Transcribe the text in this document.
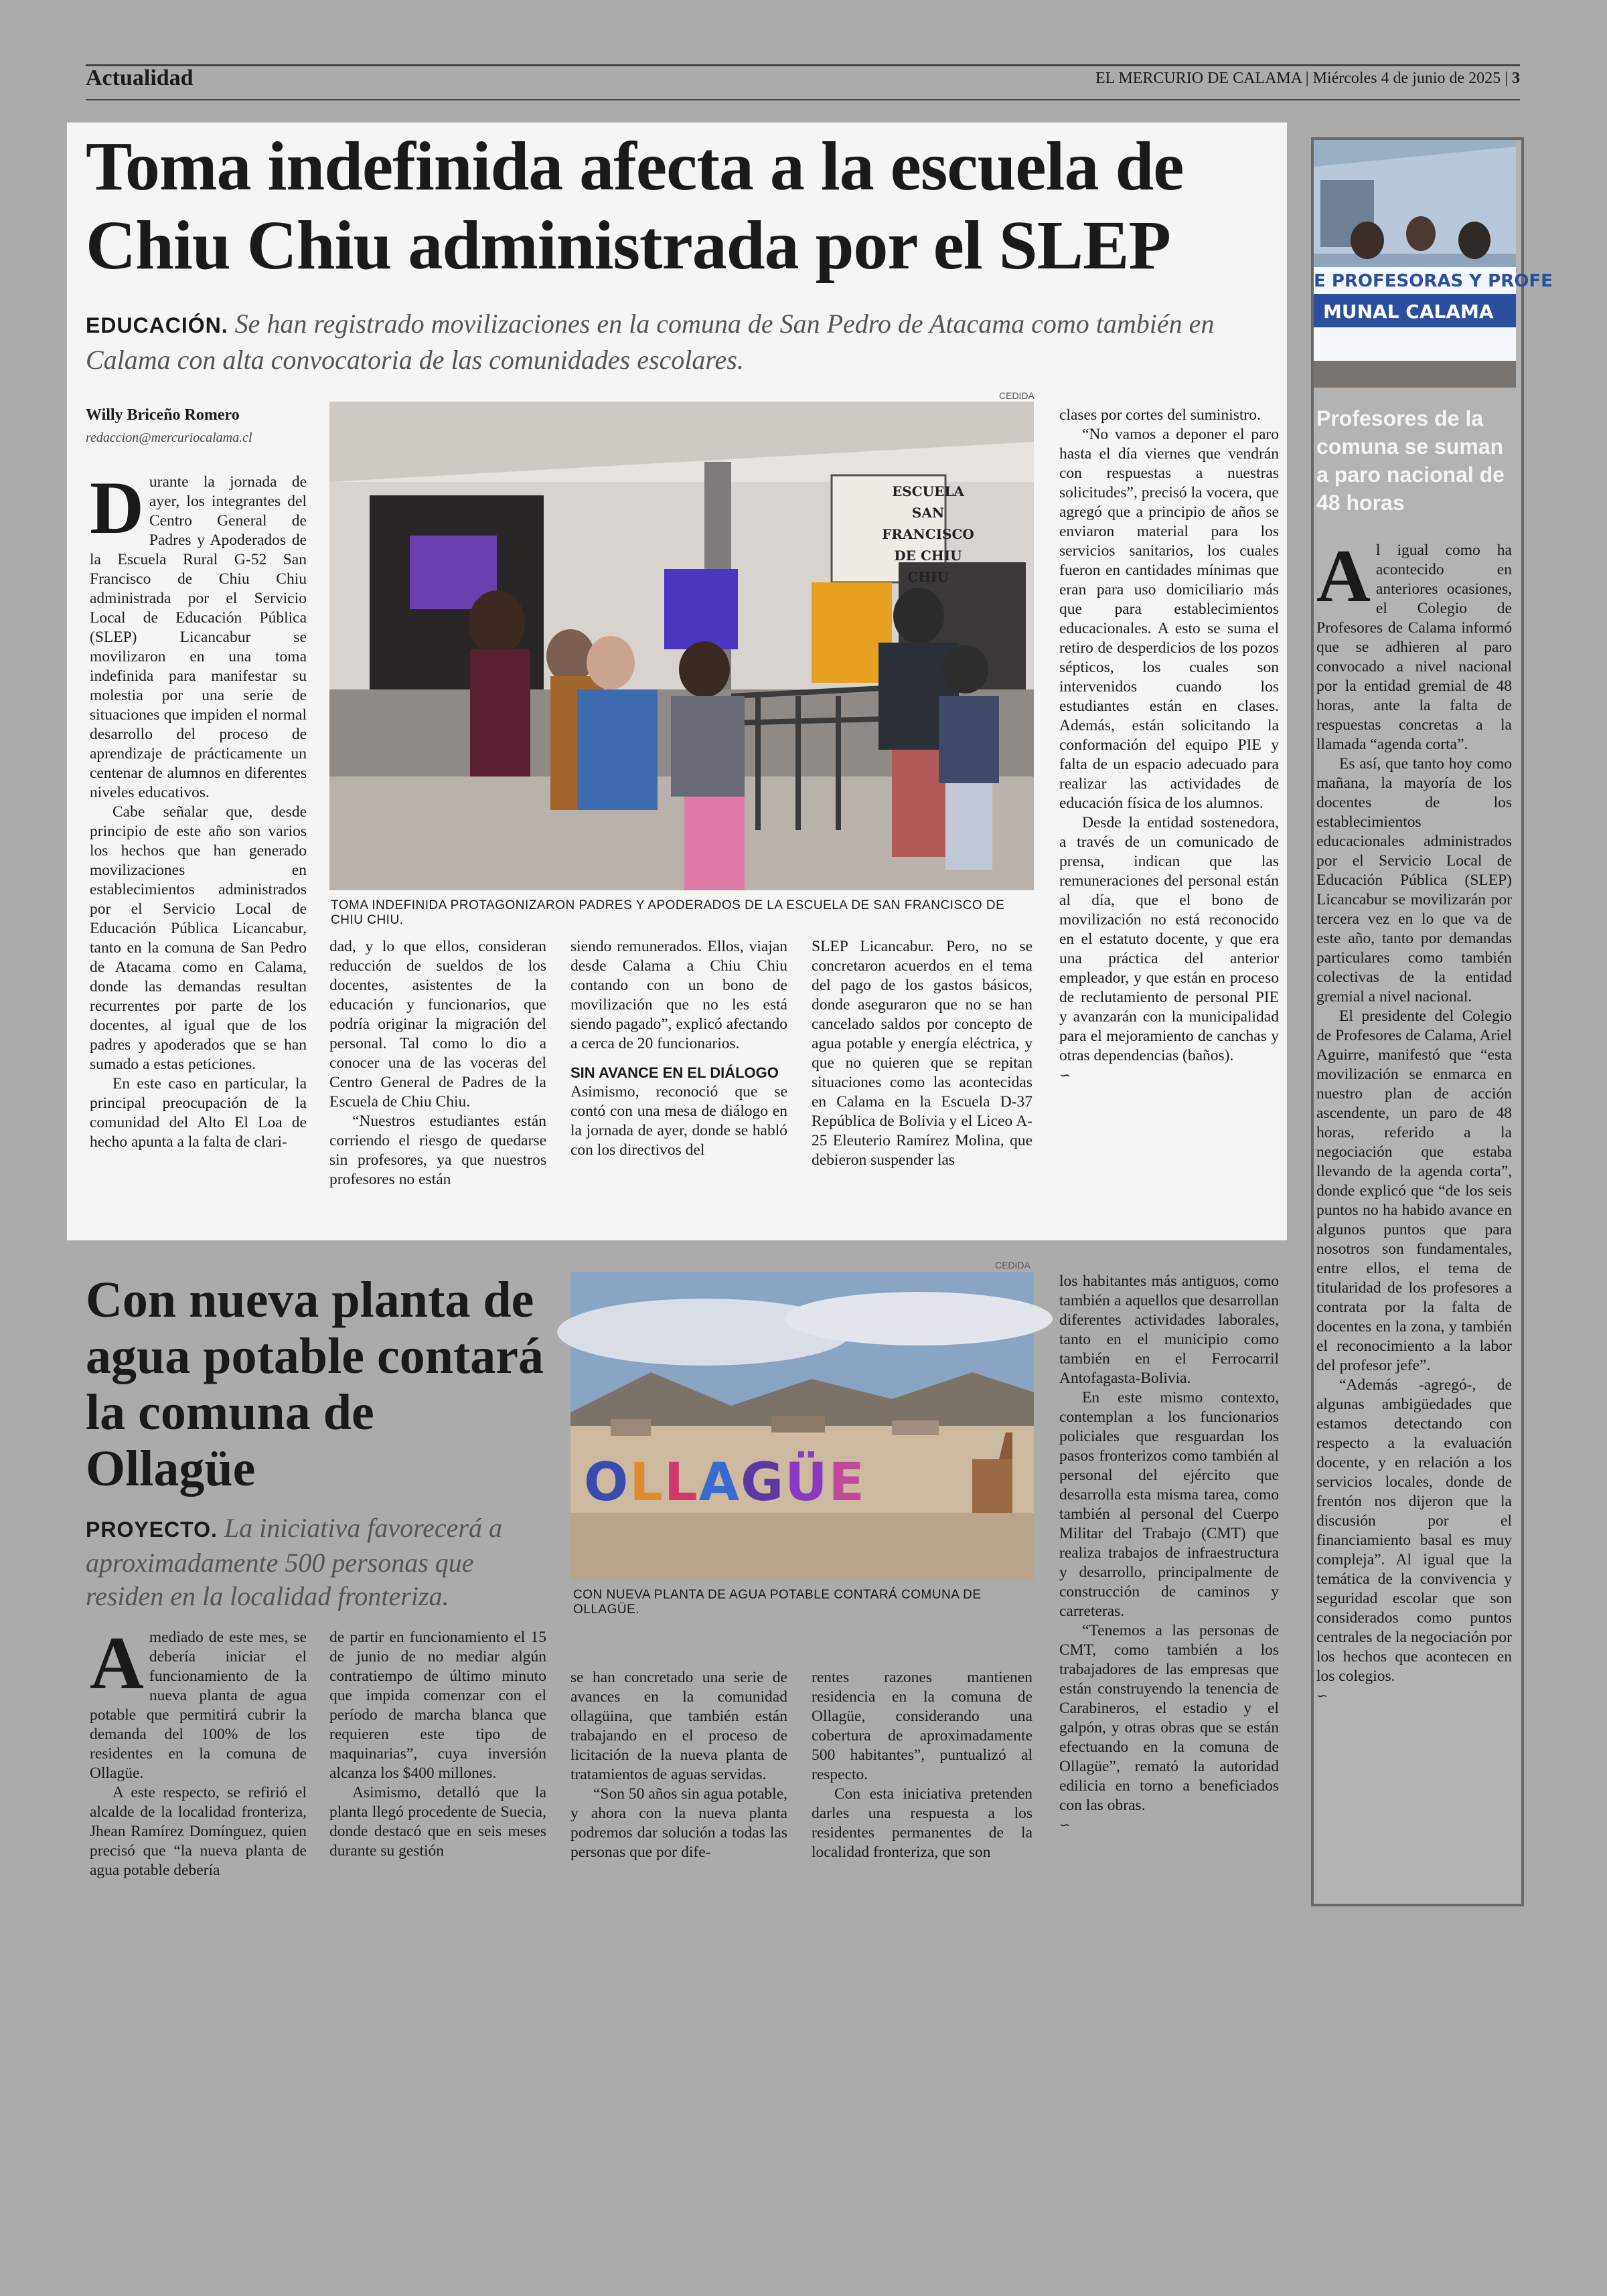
Actualidad	EL MERCURIO DE CALAMA | Miércoles 4 de junio de 2025 | 3
Toma indefinida afecta a la escuela de Chiu Chiu administrada por el SLEP
EDUCACIÓN. Se han registrado movilizaciones en la comuna de San Pedro de Atacama como también en Calama con alta convocatoria de las comunidades escolares.
Willy Briceño Romero
redaccion@mercuriocalama.cl
CEDIDA
ESCUELA SAN FRANCISCO DE CHIU CHIU
TOMA INDEFINIDA PROTAGONIZARON PADRES Y APODERADOS DE LA ESCUELA DE SAN FRANCISCO DE CHIU CHIU.
D urante la jornada de ayer, los integrantes del Centro General de Padres y Apoderados de la Escuela Rural G-52 San Francisco de Chiu Chiu administrada por el Servicio Local de Educación Pública (SLEP) Licancabur se movilizaron en una toma indefinida para manifestar su molestia por una serie de situaciones que impiden el normal desarrollo del proceso de aprendizaje de prácticamente un centenar de alumnos en diferentes niveles educativos.

Cabe señalar que, desde principio de este año son varios los hechos que han generado movilizaciones en establecimientos administrados por el Servicio Local de Educación Pública Licancabur, tanto en la comuna de San Pedro de Atacama como en Calama, donde las demandas resultan recurrentes por parte de los docentes, al igual que de los padres y apoderados que se han sumado a estas peticiones.

En este caso en particular, la principal preocupación de la comunidad del Alto El Loa de hecho apunta a la falta de clari-

dad, y lo que ellos, consideran reducción de sueldos de los docentes, asistentes de la educación y funcionarios, que podría originar la migración del personal. Tal como lo dio a conocer una de las voceras del Centro General de Padres de la Escuela de Chiu Chiu.

“Nuestros estudiantes están corriendo el riesgo de quedarse sin profesores, ya que nuestros profesores no están

siendo remunerados. Ellos, viajan desde Calama a Chiu Chiu contando con un bono de movilización que no les está siendo pagado”, explicó afectando a cerca de 20 funcionarios.

SIN AVANCE EN EL DIÁLOGO

Asimismo, reconoció que se contó con una mesa de diálogo en la jornada de ayer, donde se habló con los directivos del

SLEP Licancabur. Pero, no se concretaron acuerdos en el tema del pago de los gastos básicos, donde aseguraron que no se han cancelado saldos por concepto de agua potable y energía eléctrica, y que no quieren que se repitan situaciones como las acontecidas en Calama en la Escuela D-37 República de Bolivia y el Liceo A-25 Eleuterio Ramírez Molina, que debieron suspender las

clases por cortes del suministro.

“No vamos a deponer el paro hasta el día viernes que vendrán con respuestas a nuestras solicitudes”, precisó la vocera, que agregó que a principio de años se enviaron material para los servicios sanitarios, los cuales fueron en cantidades mínimas que eran para uso domiciliario más que para establecimientos educacionales. A esto se suma el retiro de desperdicios de los pozos sépticos, los cuales son intervenidos cuando los estudiantes están en clases. Además, están solicitando la conformación del equipo PIE y falta de un espacio adecuado para realizar las actividades de educación física de los alumnos.

Desde la entidad sostenedora, a través de un comunicado de prensa, indican que las remuneraciones del personal están al día, que el bono de movilización no está reconocido en el estatuto docente, y que era una práctica del anterior empleador, y que están en proceso de reclutamiento de personal PIE y avanzarán con la municipalidad para el mejoramiento de canchas y otras dependencias (baños).

∽
Con nueva planta de agua potable contará la comuna de Ollagüe
PROYECTO. La iniciativa favorecerá a aproximadamente 500 personas que residen en la localidad fronteriza.
CEDIDA
OLLAGÜE
CON NUEVA PLANTA DE AGUA POTABLE CONTARÁ COMUNA DE OLLAGÜE.
A mediado de este mes, se debería iniciar el funcionamiento de la nueva planta de agua potable que permitirá cubrir la demanda del 100% de los residentes en la comuna de Ollagüe.

A este respecto, se refirió el alcalde de la localidad fronteriza, Jhean Ramírez Domínguez, quien precisó que “la nueva planta de agua potable debería

de partir en funcionamiento el 15 de junio de no mediar algún contratiempo de último minuto que impida comenzar con el período de marcha blanca que requieren este tipo de maquinarias”, cuya inversión alcanza los $400 millones.

Asimismo, detalló que la planta llegó procedente de Suecia, donde destacó que en seis meses durante su gestión

se han concretado una serie de avances en la comunidad ollagüina, que también están trabajando en el proceso de licitación de la nueva planta de tratamientos de aguas servidas.

“Son 50 años sin agua potable, y ahora con la nueva planta podremos dar solución a todas las personas que por dife-

rentes razones mantienen residencia en la comuna de Ollagüe, considerando una cobertura de aproximadamente 500 habitantes”, puntualizó al respecto.

Con esta iniciativa pretenden darles una respuesta a los residentes permanentes de la localidad fronteriza, que son

los habitantes más antiguos, como también a aquellos que desarrollan diferentes actividades laborales, tanto en el municipio como también en el Ferrocarril Antofagasta-Bolivia.

En este mismo contexto, contemplan a los funcionarios policiales que resguardan los pasos fronterizos como también al personal del ejército que desarrolla esta misma tarea, como también al personal del Cuerpo Militar del Trabajo (CMT) que realiza trabajos de infraestructura y desarrollo, principalmente de construcción de caminos y carreteras.

“Tenemos a las personas de CMT, como también a los trabajadores de las empresas que están construyendo la tenencia de Carabineros, el estadio y el galpón, y otras obras que se están efectuando en la comuna de Ollagüe”, remató la autoridad edilicia en torno a beneficiados con las obras.

∽
E PROFESORAS Y PROFE
MUNAL CALAMA
Profesores de la comuna se suman a paro nacional de 48 horas
A l igual como ha acontecido en anteriores ocasiones, el Colegio de Profesores de Calama informó que se adhieren al paro convocado a nivel nacional por la entidad gremial de 48 horas, ante la falta de respuestas concretas a la llamada “agenda corta”.

Es así, que tanto hoy como mañana, la mayoría de los docentes de los establecimientos educacionales administrados por el Servicio Local de Educación Pública (SLEP) Licancabur se movilizarán por tercera vez en lo que va de este año, tanto por demandas particulares como también colectivas de la entidad gremial a nivel nacional.

El presidente del Colegio de Profesores de Calama, Ariel Aguirre, manifestó que “esta movilización se enmarca en nuestro plan de acción ascendente, un paro de 48 horas, referido a la negociación que estaba llevando de la agenda corta”, donde explicó que “de los seis puntos no ha habido avance en algunos puntos que para nosotros son fundamentales, entre ellos, el tema de titularidad de los profesores a contrata por la falta de docentes en la zona, y también el reconocimiento a la labor del profesor jefe”.

“Además -agregó-, de algunas ambigüedades que estamos detectando con respecto a la evaluación docente, y en relación a los servicios locales, donde de frentón nos dijeron que la discusión por el financiamiento basal es muy compleja”. Al igual que la temática de la convivencia y seguridad escolar que son considerados como puntos centrales de la negociación por los hechos que acontecen en los colegios.

∽
